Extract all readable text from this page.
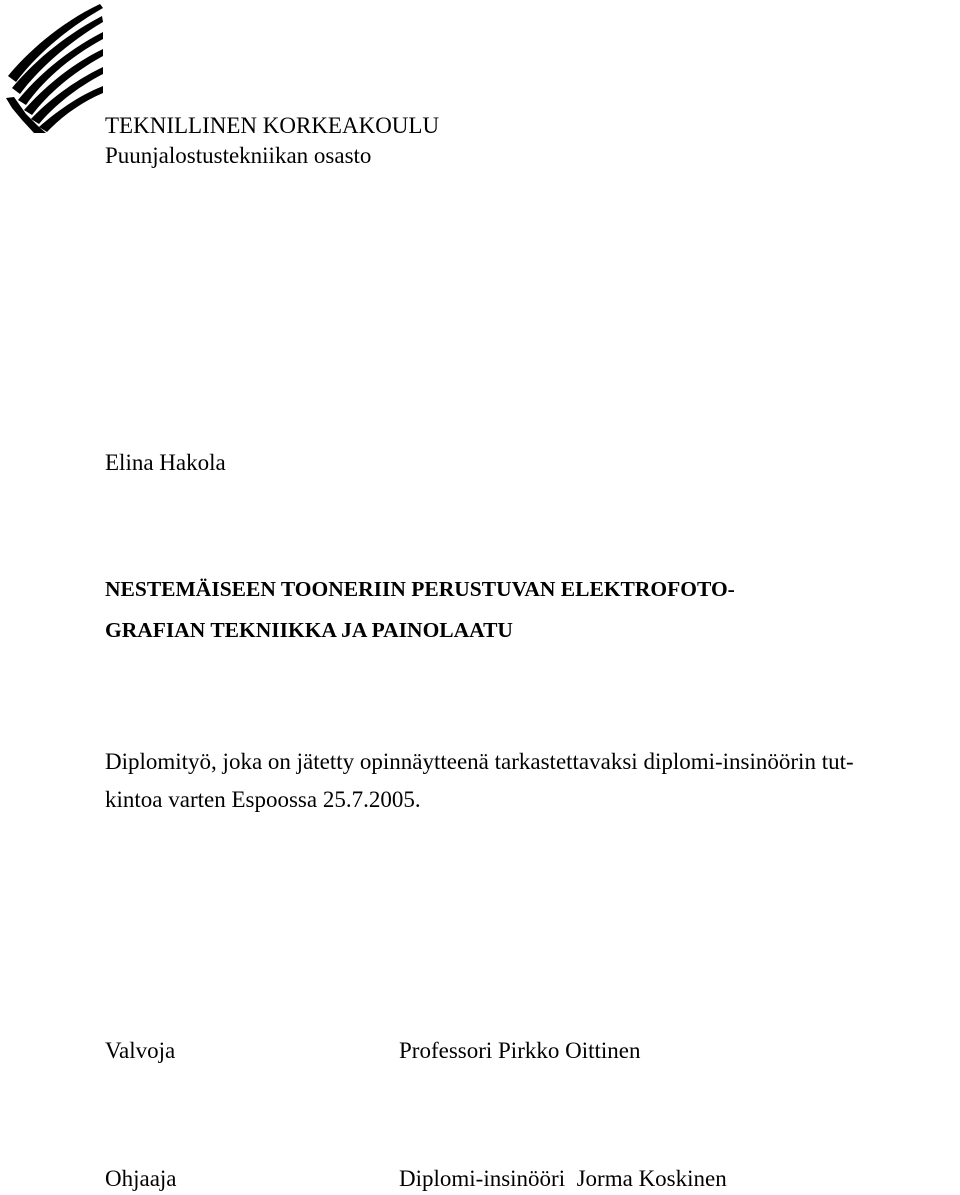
TEKNILLINEN KORKEAKOULU
Puunjalostustekniikan osasto
Elina Hakola
NESTEMÄISEEN TOONERIIN PERUSTUVAN ELEKTROFOTO-
GRAFIAN TEKNIIKKA JA PAINOLAATU
Diplomityö, joka on jätetty opinnäytteenä tarkastettavaksi diplomi-insinöörin tut-
kintoa varten Espoossa 25.7.2005.
Valvoja	Professori Pirkko Oittinen
Ohjaaja	Diplomi-insinööri  Jorma Koskinen
